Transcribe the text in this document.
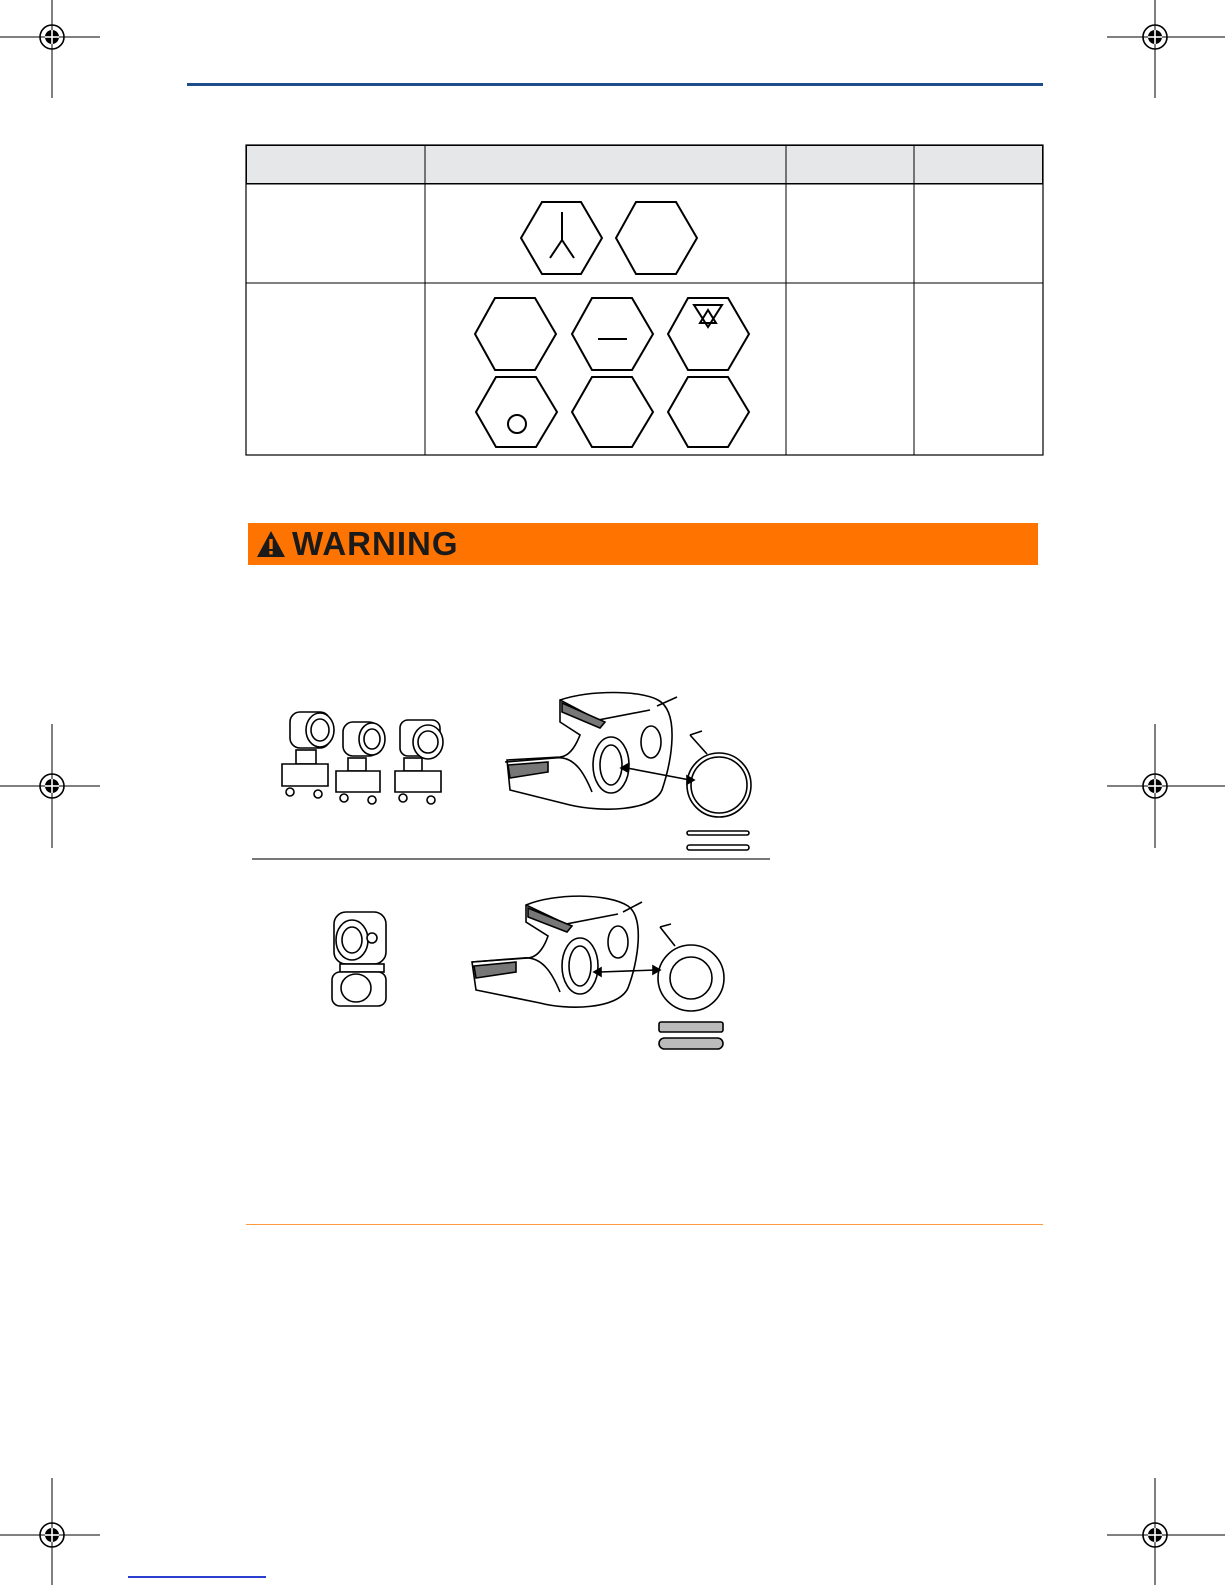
WARNING
